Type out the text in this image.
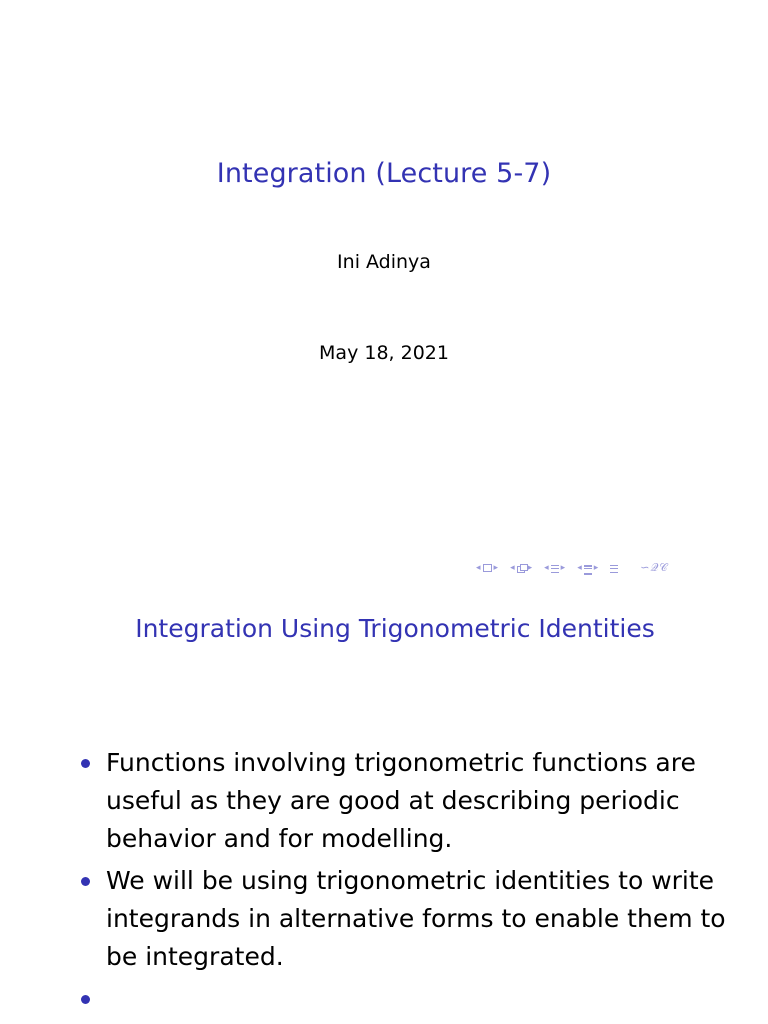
Integration (Lecture 5-7)
Ini Adinya
May 18, 2021
◂ ▸ ◂ ▸ ◂ ▸ ◂ ▸	∽𝒬𝒞
Integration Using Trigonometric Identities
Functions involving trigonometric functions are useful as they are good at describing periodic behavior and for modelling.
We will be using trigonometric identities to write integrands in alternative forms to enable them to be integrated.
